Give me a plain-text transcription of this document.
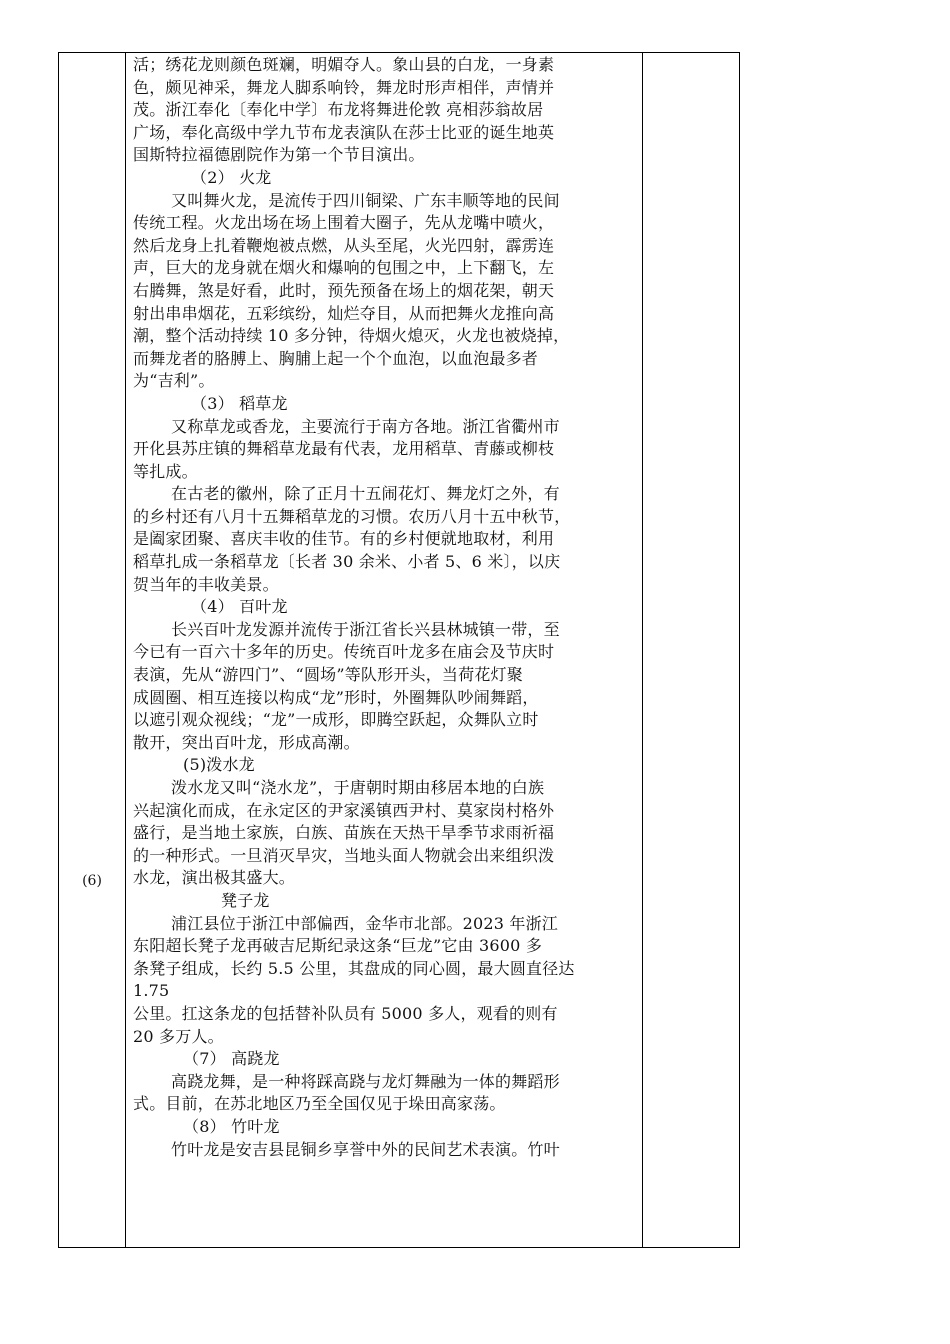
(6)
活；绣花龙则颜色斑斓，明媚夺人。象山县的白龙，一身素
色，颇见神采，舞龙人脚系响铃，舞龙时形声相伴，声情并
茂。浙江奉化〔奉化中学〕布龙将舞进伦敦 亮相莎翁故居
广场，奉化高级中学九节布龙表演队在莎士比亚的诞生地英
国斯特拉福德剧院作为第一个节目演出。
（2） 火龙
又叫舞火龙，是流传于四川铜梁、广东丰顺等地的民间
传统工程。火龙出场在场上围着大圈子，先从龙嘴中喷火，
然后龙身上扎着鞭炮被点燃，从头至尾，火光四射，霹雳连
声，巨大的龙身就在烟火和爆响的包围之中，上下翻飞，左
右腾舞，煞是好看，此时，预先预备在场上的烟花架，朝天
射出串串烟花，五彩缤纷，灿烂夺目，从而把舞火龙推向高
潮，整个活动持续 10 多分钟，待烟火熄灭，火龙也被烧掉，
而舞龙者的胳膊上、胸脯上起一个个血泡，以血泡最多者
为“吉利”。
（3） 稻草龙
又称草龙或香龙，主要流行于南方各地。浙江省衢州市
开化县苏庄镇的舞稻草龙最有代表，龙用稻草、青藤或柳枝
等扎成。
在古老的徽州，除了正月十五闹花灯、舞龙灯之外，有
的乡村还有八月十五舞稻草龙的习惯。农历八月十五中秋节，
是阖家团聚、喜庆丰收的佳节。有的乡村便就地取材，利用
稻草扎成一条稻草龙〔长者 30 余米、小者 5、6 米〕，以庆
贺当年的丰收美景。
（4） 百叶龙
长兴百叶龙发源并流传于浙江省长兴县林城镇一带，至
今已有一百六十多年的历史。传统百叶龙多在庙会及节庆时
表演，先从“游四门”、“圆场”等队形开头，当荷花灯聚
成圆圈、相互连接以构成“龙”形时，外圈舞队吵闹舞蹈，
以遮引观众视线；“龙”一成形，即腾空跃起，众舞队立时
散开，突出百叶龙，形成高潮。
(5)泼水龙
泼水龙又叫“浇水龙”，于唐朝时期由移居本地的白族
兴起演化而成，在永定区的尹家溪镇西尹村、莫家岗村格外
盛行，是当地土家族，白族、苗族在天热干旱季节求雨祈福
的一种形式。一旦消灭旱灾，当地头面人物就会出来组织泼
水龙，演出极其盛大。
凳子龙
浦江县位于浙江中部偏西，金华市北部。2023 年浙江
东阳超长凳子龙再破吉尼斯纪录这条“巨龙”它由 3600 多
条凳子组成，长约 5.5 公里，其盘成的同心圆，最大圆直径达
1.75
公里。扛这条龙的包括替补队员有 5000 多人，观看的则有
20 多万人。
（7） 高跷龙
高跷龙舞，是一种将踩高跷与龙灯舞融为一体的舞蹈形
式。目前，在苏北地区乃至全国仅见于垛田高家荡。
（8） 竹叶龙
竹叶龙是安吉县昆铜乡享誉中外的民间艺术表演。竹叶
